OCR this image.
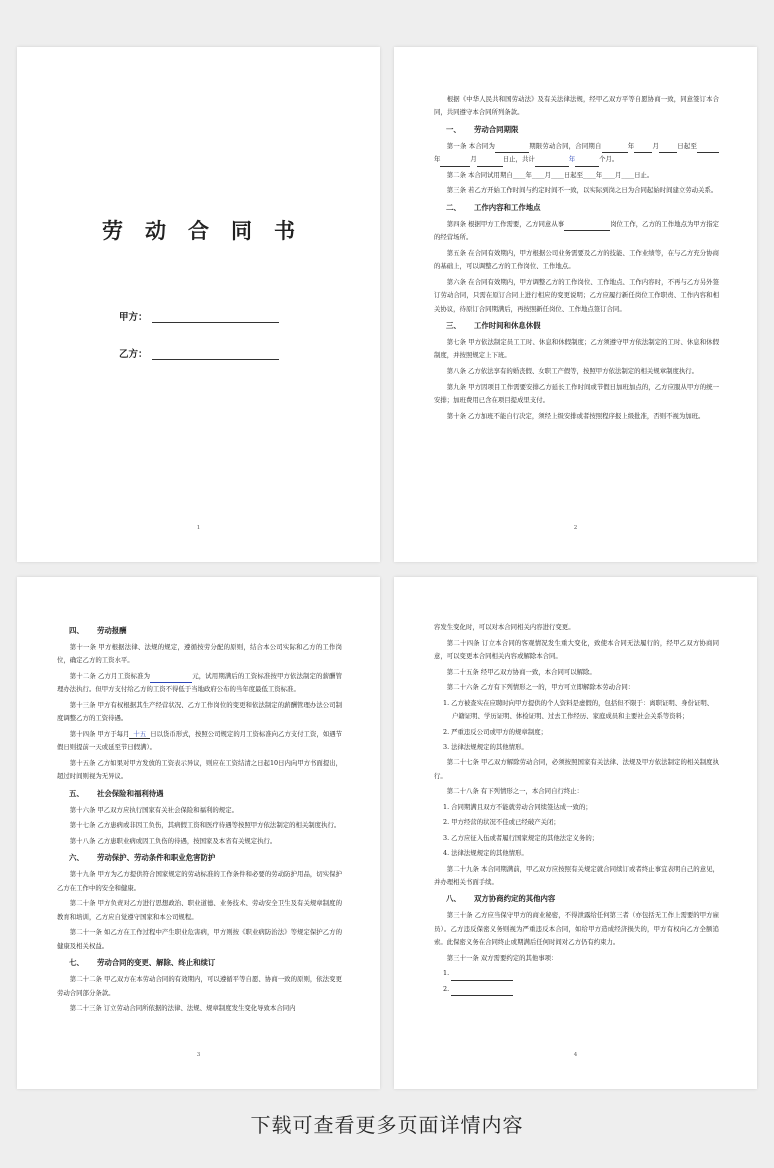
劳动合同书
甲方：
乙方：
1

根据《中华人民共和国劳动法》及有关法律法规，经甲乙双方平等自愿协商一致，同意签订本合同，共同遵守本合同所列条款。

一、 劳动合同期限

第一条 本合同为	期限劳动合同，合同期自	年	月	日起至年	月	日止，共计	年	个月。

第二条 本合同试用期自____年____月____日起至____年____月____日止。

第三条 若乙方开始工作时间与约定时间不一致，以实际到岗之日为合同起始时间建立劳动关系。

二、 工作内容和工作地点

第四条 根据甲方工作需要，乙方同意从事	岗位工作，乙方的工作地点为甲方指定的经营场所。

第五条 在合同有效期内，甲方根据公司业务需要及乙方的技能、工作业绩等，在与乙方充分协商的基础上，可以调整乙方的工作岗位、工作地点。

第六条 在合同有效期内，甲方调整乙方的工作岗位、工作地点、工作内容时，不再与乙方另外签订劳动合同，只需在原订合同上进行相应的变更说明；乙方应履行新任岗位工作职责、工作内容和相关协议，待原订合同期满后，再按照新任岗位、工作地点签订合同。

三、 工作时间和休息休假

第七条 甲方依法制定员工工时、休息和休假制度；乙方须遵守甲方依法制定的工时、休息和休假制度，并按照规定上下班。

第八条 乙方依法享有的婚丧假、女职工产假等，按照甲方依法制定的相关规章制度执行。

第九条 甲方因项目工作需要安排乙方延长工作时间或节假日加班加点的，乙方应服从甲方的统一安排；加班费用已含在项目提成里支付。

第十条 乙方加班不能自行决定，须经上级安排或者按照程序报上级批准，否则不视为加班。

2
四、 劳动报酬

第十一条 甲方根据法律、法规的规定，遵循按劳分配的原则，结合本公司实际和乙方的工作岗位，确定乙方的工资水平。

第十二条 乙方月工资标准为	元，试用期满后的工资标准按甲方依法制定的薪酬管理办法执行。但甲方支付给乙方的工资不得低于当地政府公布的当年度最低工资标准。

第十三条 甲方有权根据其生产经营状况、乙方工作岗位的变更和依法制定的薪酬管理办法公司制度调整乙方的工资待遇。

第十四条 甲方于每月 十五 日以货币形式，按照公司规定的月工资标准向乙方支付工资，如遇节假日则提前一天或延至节日假满）。

第十五条 乙方如果对甲方发放的工资表示异议，则应在工资结清之日起10日内向甲方书面提出，超过时间则视为无异议。

五、 社会保险和福利待遇

第十六条 甲乙双方应执行国家有关社会保险和福利的规定。

第十七条 乙方患病或非因工负伤，其病假工资和医疗待遇等按照甲方依法制定的相关制度执行。

第十八条 乙方患职业病或因工负伤的待遇，按国家及本省有关规定执行。

六、 劳动保护、劳动条件和职业危害防护

第十九条 甲方为乙方提供符合国家规定的劳动标准的工作条件和必要的劳动防护用品，切实保护乙方在工作中的安全和健康。

第二十条 甲方负责对乙方进行思想政治、职业道德、业务技术、劳动安全卫生及有关规章制度的教育和培训，乙方应自觉遵守国家和本公司规程。

第二十一条 如乙方在工作过程中产生职业危害病，甲方则按《职业病防治法》等规定保护乙方的健康及相关权益。

七、 劳动合同的变更、解除、终止和续订

第二十二条 甲乙双方在本劳动合同的有效期内，可以遵循平等自愿、协商一致的原则，依法变更劳动合同部分条款。

第二十三条 订立劳动合同所依据的法律、法规、规章制度发生变化导致本合同内

3

容发生变化时，可以对本合同相关内容进行变更。

第二十四条 订立本合同的客观情况发生重大变化，致使本合同无法履行的，经甲乙双方协商同意，可以变更本合同相关内容或解除本合同。

第二十五条 经甲乙双方协商一致，本合同可以解除。

第二十六条 乙方有下列情形之一的，甲方可立即解除本劳动合同：

1. 乙方被查实在应聘时向甲方提供的个人资料是虚假的，包括但不限于：离职证明、身份证明、户籍证明、学历证明、体检证明、过去工作经历、家庭成员和主要社会关系等资料；

2. 严重违反公司或甲方的规章制度；

3. 法律法规规定的其他情形。

第二十七条 甲乙双方解除劳动合同，必须按照国家有关法律、法规及甲方依法制定的相关制度执行。

第二十八条 有下列情形之一，本合同自行终止：

1. 合同期满且双方不能就劳动合同续签达成一致的；

2. 甲方经营的状况不佳或已经破产关闭；

3. 乙方应征入伍或者履行国家规定的其他法定义务的；

4. 法律法规规定的其他情形。

第二十九条 本合同期满前，甲乙双方应按照有关规定就合同续订或者终止事宜表明自己的意见，并办理相关书面手续。

八、 双方协商约定的其他内容

第三十条 乙方应当保守甲方的商业秘密，不得泄露给任何第三者（亦包括无工作上需要的甲方雇员）。乙方违反保密义务则视为严重违反本合同，如给甲方造成经济损失的，甲方有权向乙方全额追索。此保密义务在合同终止或期满后任何时间对乙方仍有约束力。

第三十一条 双方需要约定的其他事项：

1.

2.

4
下载可查看更多页面详情内容
